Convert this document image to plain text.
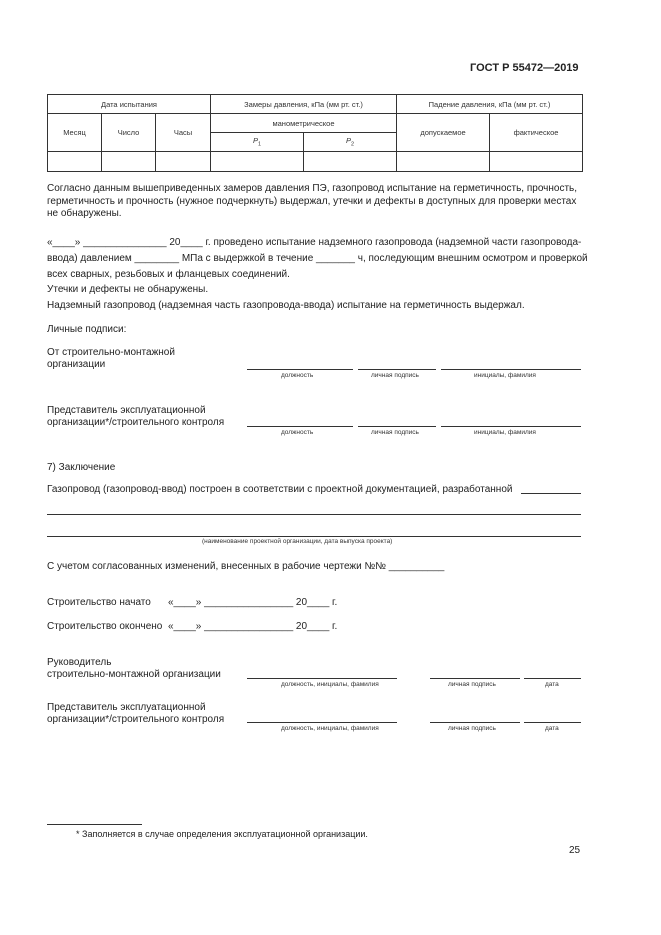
ГОСТ Р 55472—2019
Дата испытания			Замеры давления, кПа (мм рт. ст.)		Падение давления, кПа (мм рт. ст.)	
Месяц	Число	Часы	манометрическое		допускаемое	фактическое
			$P_1$	$P_2$

Согласно данным вышеприведенных замеров давления ПЭ, газопровод испытание на герметичность, прочность,
герметичность и прочность (нужное подчеркнуть) выдержал, утечки и дефекты в доступных для проверки местах
не обнаружены.
«____» _______________ 20____ г. проведено испытание надземного газопровода (надземной части газопровода-
ввода) давлением ________ МПа с выдержкой в течение _______ ч, последующим внешним осмотром и проверкой
всех сварных, резьбовых и фланцевых соединений.
Утечки и дефекты не обнаружены.
Надземный газопровод (надземная часть газопровода-ввода) испытание на герметичность выдержал.
Личные подписи:
От строительно-монтажной
организации
должность	личная подпись	инициалы, фамилия
Представитель эксплуатационной
организации*/строительного контроля
должность	личная подпись	инициалы, фамилия
7) Заключение
Газопровод (газопровод-ввод) построен в соответствии с проектной документацией, разработанной
(наименование проектной организации, дата выпуска проекта)
С учетом согласованных изменений, внесенных в рабочие чертежи №№ __________
Строительство начато «____» ________________ 20____ г.
Строительство окончено «____» ________________ 20____ г.
Руководитель
строительно-монтажной организации
должность, инициалы, фамилия	личная подпись	дата
Представитель эксплуатационной
организации*/строительного контроля
должность, инициалы, фамилия	личная подпись	дата
* Заполняется в случае определения эксплуатационной организации.
25
